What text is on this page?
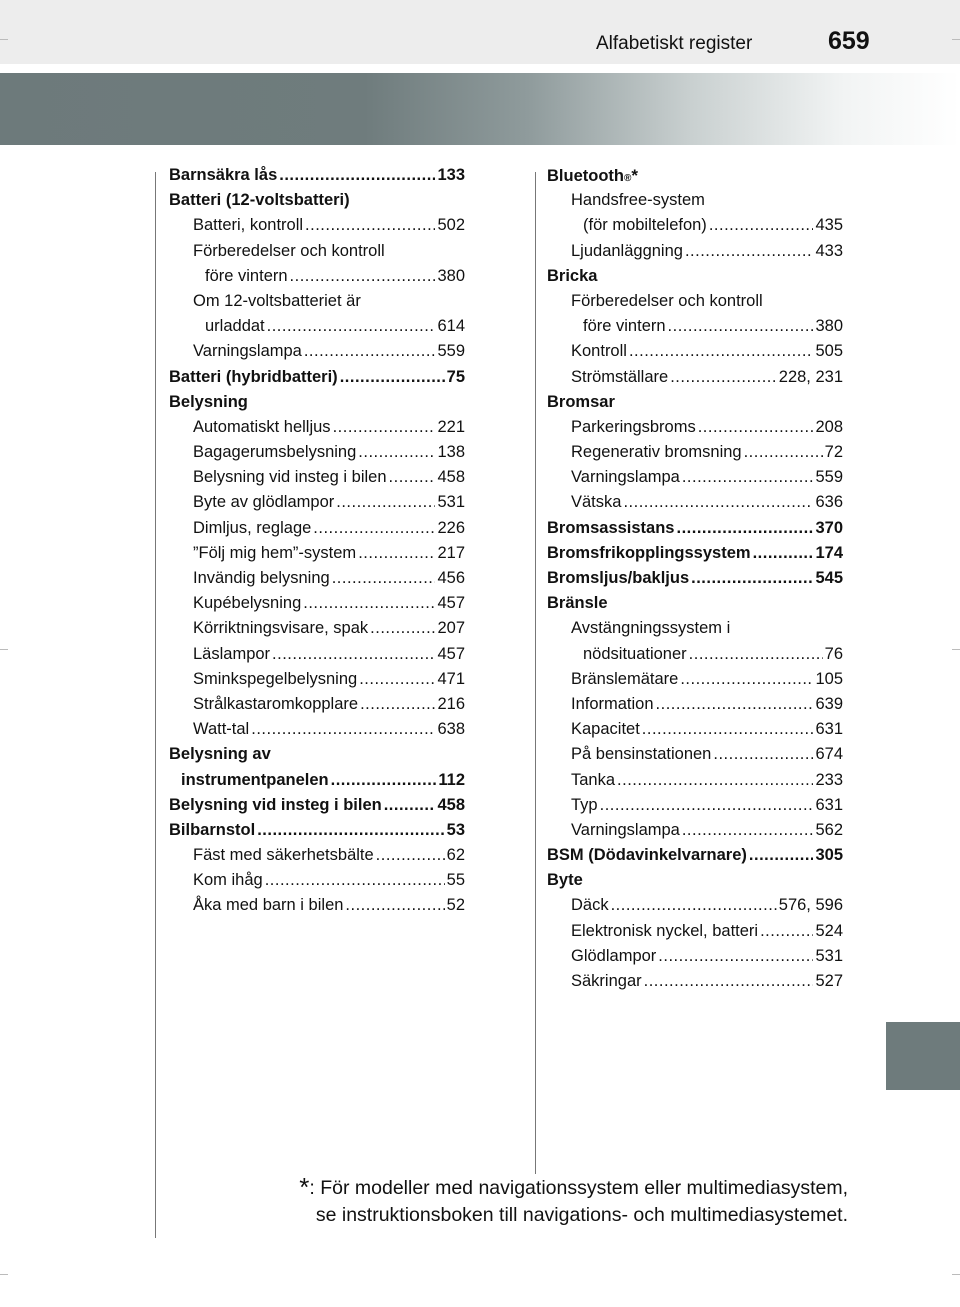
Alfabetiskt register	659
Barnsäkra lås .....	133
Batteri (12-voltsbatteri)
Batteri, kontroll .....	502
Förberedelser och kontroll
före vintern .....	380
Om 12-voltsbatteriet är
urladdat .....	614
Varningslampa .....	559
Batteri (hybridbatteri) .....	75
Belysning
Automatiskt helljus .....	221
Bagagerumsbelysning .....	138
Belysning vid insteg i bilen .....	458
Byte av glödlampor .....	531
Dimljus, reglage .....	226
”Följ mig hem”-system .....	217
Invändig belysning .....	456
Kupébelysning .....	457
Körriktningsvisare, spak .....	207
Läslampor .....	457
Sminkspegelbelysning .....	471
Strålkastaromkopplare .....	216
Watt-tal .....	638
Belysning av
instrumentpanelen .....	112
Belysning vid insteg i bilen .....	458
Bilbarnstol .....	53
Fäst med säkerhetsbälte .....	62
Kom ihåg .....	55
Åka med barn i bilen .....	52
Bluetooth ® *
Handsfree-system
(för mobiltelefon) .....	435
Ljudanläggning .....	433
Bricka
Förberedelser och kontroll
före vintern .....	380
Kontroll .....	505
Strömställare .....	228, 231
Bromsar
Parkeringsbroms .....	208
Regenerativ bromsning .....	72
Varningslampa .....	559
Vätska .....	636
Bromsassistans .....	370
Bromsfrikopplingssystem .....	174
Bromsljus/bakljus .....	545
Bränsle
Avstängningssystem i
nödsituationer .....	76
Bränslemätare .....	105
Information .....	639
Kapacitet .....	631
På bensinstationen .....	674
Tanka .....	233
Typ .....	631
Varningslampa .....	562
BSM (Dödavinkelvarnare) .....	305
Byte
Däck .....	576, 596
Elektronisk nyckel, batteri .....	524
Glödlampor .....	531
Säkringar .....	527
*: För modeller med navigationssystem eller multimediasystem,
se instruktionsboken till navigations- och multimediasystemet.
